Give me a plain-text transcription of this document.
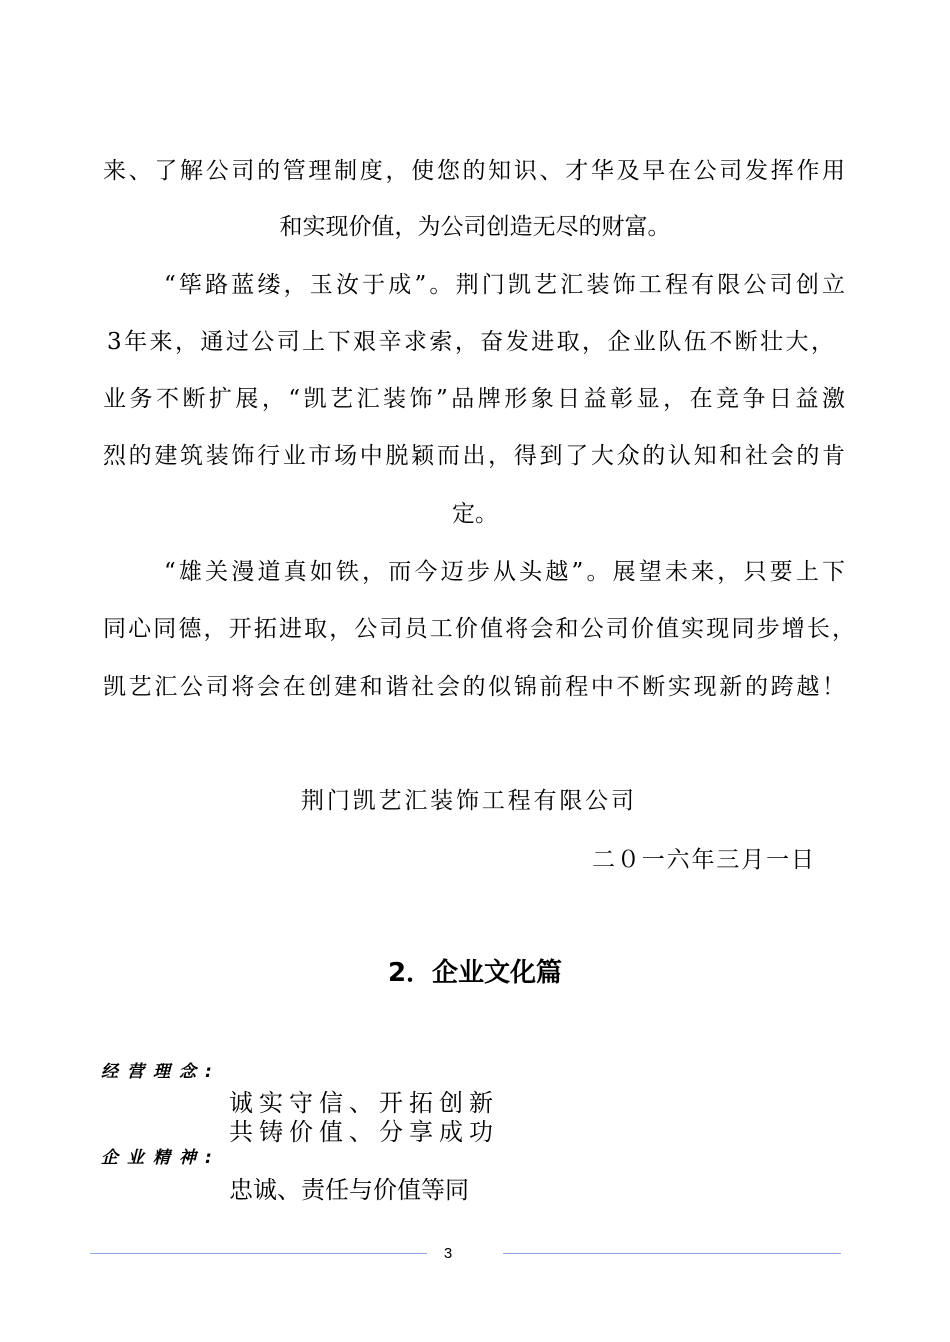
来、了解公司的管理制度，使您的知识、才华及早在公司发挥作用
和实现价值，为公司创造无尽的财富。
“筚路蓝缕，玉汝于成”。荆门凯艺汇装饰工程有限公司创立
3年来，通过公司上下艰辛求索，奋发进取，企业队伍不断壮大，
业务不断扩展，“凯艺汇装饰”品牌形象日益彰显，在竞争日益激
烈的建筑装饰行业市场中脱颖而出，得到了大众的认知和社会的肯
定。
“雄关漫道真如铁，而今迈步从头越”。展望未来，只要上下
同心同德，开拓进取，公司员工价值将会和公司价值实现同步增长，
凯艺汇公司将会在创建和谐社会的似锦前程中不断实现新的跨越！
荆门凯艺汇装饰工程有限公司
二０一六年三月一日
2．企业文化篇
经营理念:
诚实守信、开拓创新
共铸价值、分享成功
企业精神:
忠诚、责任与价值等同
3
